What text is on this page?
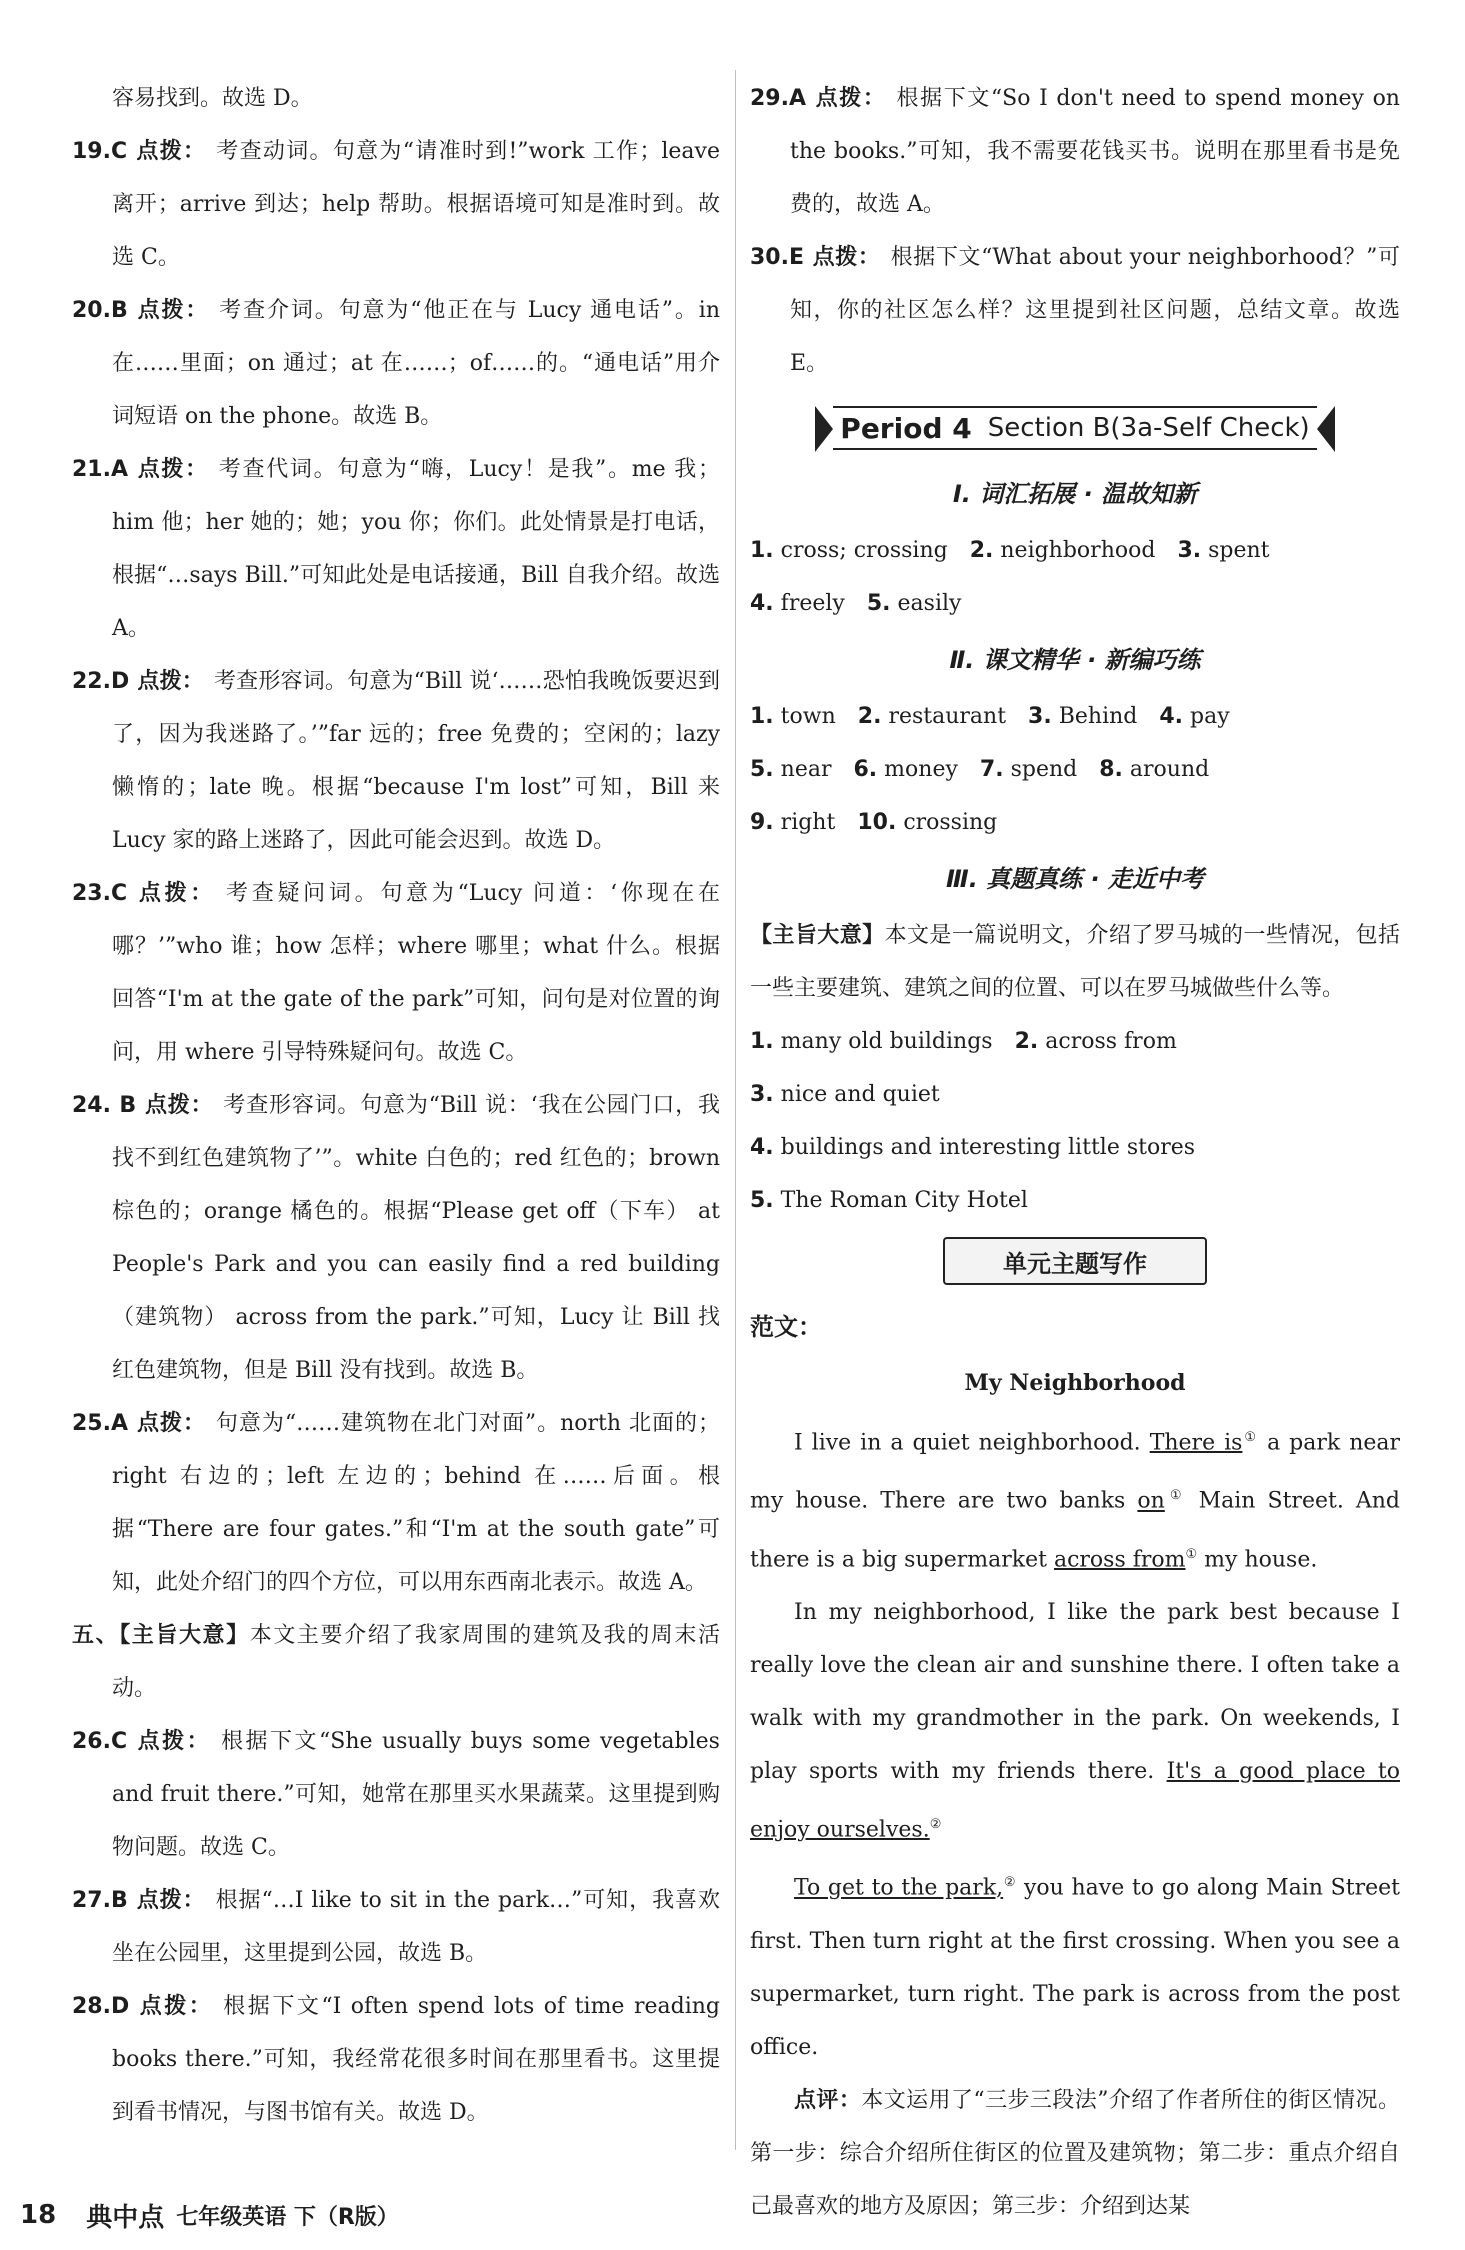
容易找到。故选 D。

19.C 点拨： 考查动词。句意为“请准时到!”work 工作；leave 离开；arrive 到达；help 帮助。根据语境可知是准时到。故选 C。

20.B 点拨： 考查介词。句意为“他正在与 Lucy 通电话”。in 在……里面；on 通过；at 在……；of……的。“通电话”用介词短语 on the phone。故选 B。

21.A 点拨： 考查代词。句意为“嗨，Lucy！是我”。me 我；him 他；her 她的；她；you 你；你们。此处情景是打电话，根据“…says Bill.”可知此处是电话接通，Bill 自我介绍。故选 A。

22.D 点拨： 考查形容词。句意为“Bill 说‘……恐怕我晚饭要迟到了，因为我迷路了。’”far 远的；free 免费的；空闲的；lazy 懒惰的；late 晚。根据“because I'm lost”可知，Bill 来 Lucy 家的路上迷路了，因此可能会迟到。故选 D。

23.C 点拨： 考查疑问词。句意为“Lucy 问道：‘你现在在哪？’”who 谁；how 怎样；where 哪里；what 什么。根据回答“I'm at the gate of the park”可知，问句是对位置的询问，用 where 引导特殊疑问句。故选 C。

24. B 点拨： 考查形容词。句意为“Bill 说：‘我在公园门口，我找不到红色建筑物了’”。white 白色的；red 红色的；brown 棕色的；orange 橘色的。根据“Please get off（下车） at People's Park and you can easily find a red building（建筑物） across from the park.”可知，Lucy 让 Bill 找红色建筑物，但是 Bill 没有找到。故选 B。

25.A 点拨： 句意为“……建筑物在北门对面”。north 北面的；right 右边的；left 左边的；behind 在……后面。根据“There are four gates.”和“I'm at the south gate”可知，此处介绍门的四个方位，可以用东西南北表示。故选 A。

五、【主旨大意】本文主要介绍了我家周围的建筑及我的周末活动。

26.C 点拨： 根据下文“She usually buys some vegetables and fruit there.”可知，她常在那里买水果蔬菜。这里提到购物问题。故选 C。

27.B 点拨： 根据“…I like to sit in the park…”可知，我喜欢坐在公园里，这里提到公园，故选 B。

28.D 点拨： 根据下文“I often spend lots of time reading books there.”可知，我经常花很多时间在那里看书。这里提到看书情况，与图书馆有关。故选 D。

29.A 点拨： 根据下文“So I don't need to spend money on the books.”可知，我不需要花钱买书。说明在那里看书是免费的，故选 A。

30.E 点拨： 根据下文“What about your neighborhood？”可知，你的社区怎么样？这里提到社区问题，总结文章。故选 E。

Period 4 Section B(3a-Self Check)

Ⅰ. 词汇拓展 · 温故知新

1. cross; crossing 2. neighborhood 3. spent

4. freely 5. easily

Ⅱ. 课文精华 · 新编巧练

1. town 2. restaurant 3. Behind 4. pay

5. near 6. money 7. spend 8. around

9. right 10. crossing

Ⅲ. 真题真练 · 走近中考

【主旨大意】本文是一篇说明文，介绍了罗马城的一些情况，包括一些主要建筑、建筑之间的位置、可以在罗马城做些什么等。

1. many old buildings 2. across from

3. nice and quiet

4. buildings and interesting little stores

5. The Roman City Hotel

单元主题写作

范文：

My Neighborhood

I live in a quiet neighborhood. There is① a park near my house. There are two banks on① Main Street. And there is a big supermarket across from① my house.

In my neighborhood, I like the park best because I really love the clean air and sunshine there. I often take a walk with my grandmother in the park. On weekends, I play sports with my friends there. It's a good place to enjoy ourselves.②

To get to the park,② you have to go along Main Street first. Then turn right at the first crossing. When you see a supermarket, turn right. The park is across from the post office.

点评：本文运用了“三步三段法”介绍了作者所住的街区情况。第一步：综合介绍所住街区的位置及建筑物；第二步：重点介绍自己最喜欢的地方及原因；第三步：介绍到达某

18 典中点 七年级英语 下（R版）
